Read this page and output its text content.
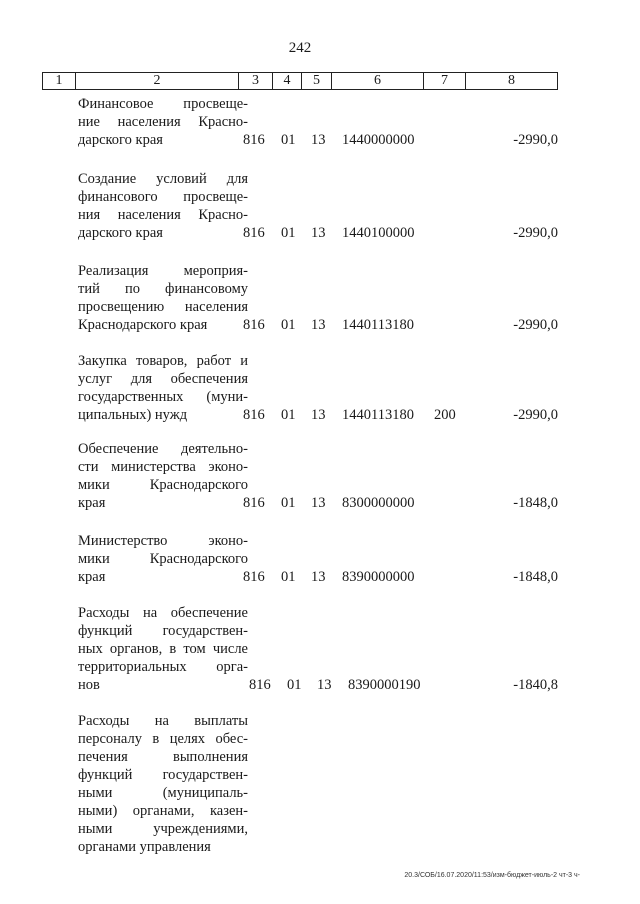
242
1	2	3	4	5	6	7	8
Финансовое просвеще-
ние населения Красно-
дарского края	816 01 13 1440000000	-2990,0
Создание условий для
финансового просвеще-
ния населения Красно-
дарского края	816 01 13 1440100000	-2990,0
Реализация мероприя-
тий по финансовому
просвещению населения
Краснодарского края	816 01 13 1440113180	-2990,0
Закупка товаров, работ и
услуг для обеспечения
государственных (муни-
ципальных) нужд	816 01 13 1440113180 200	-2990,0
Обеспечение деятельно-
сти министерства эконо-
мики Краснодарского
края	816 01 13 8300000000	-1848,0
Министерство эконо-
мики Краснодарского
края	816 01 13 8390000000	-1848,0
Расходы на обеспечение
функций государствен-
ных органов, в том числе
территориальных орга-
нов	816 01 13 8390000190	-1840,8
Расходы на выплаты
персоналу в целях обес-
печения выполнения
функций государствен-
ными (муниципаль-
ными) органами, казен-
ными учреждениями,
органами управления
20.3/СОБ/16.07.2020/11:53/изм-бюджет-июль-2 чт-3 ч-
